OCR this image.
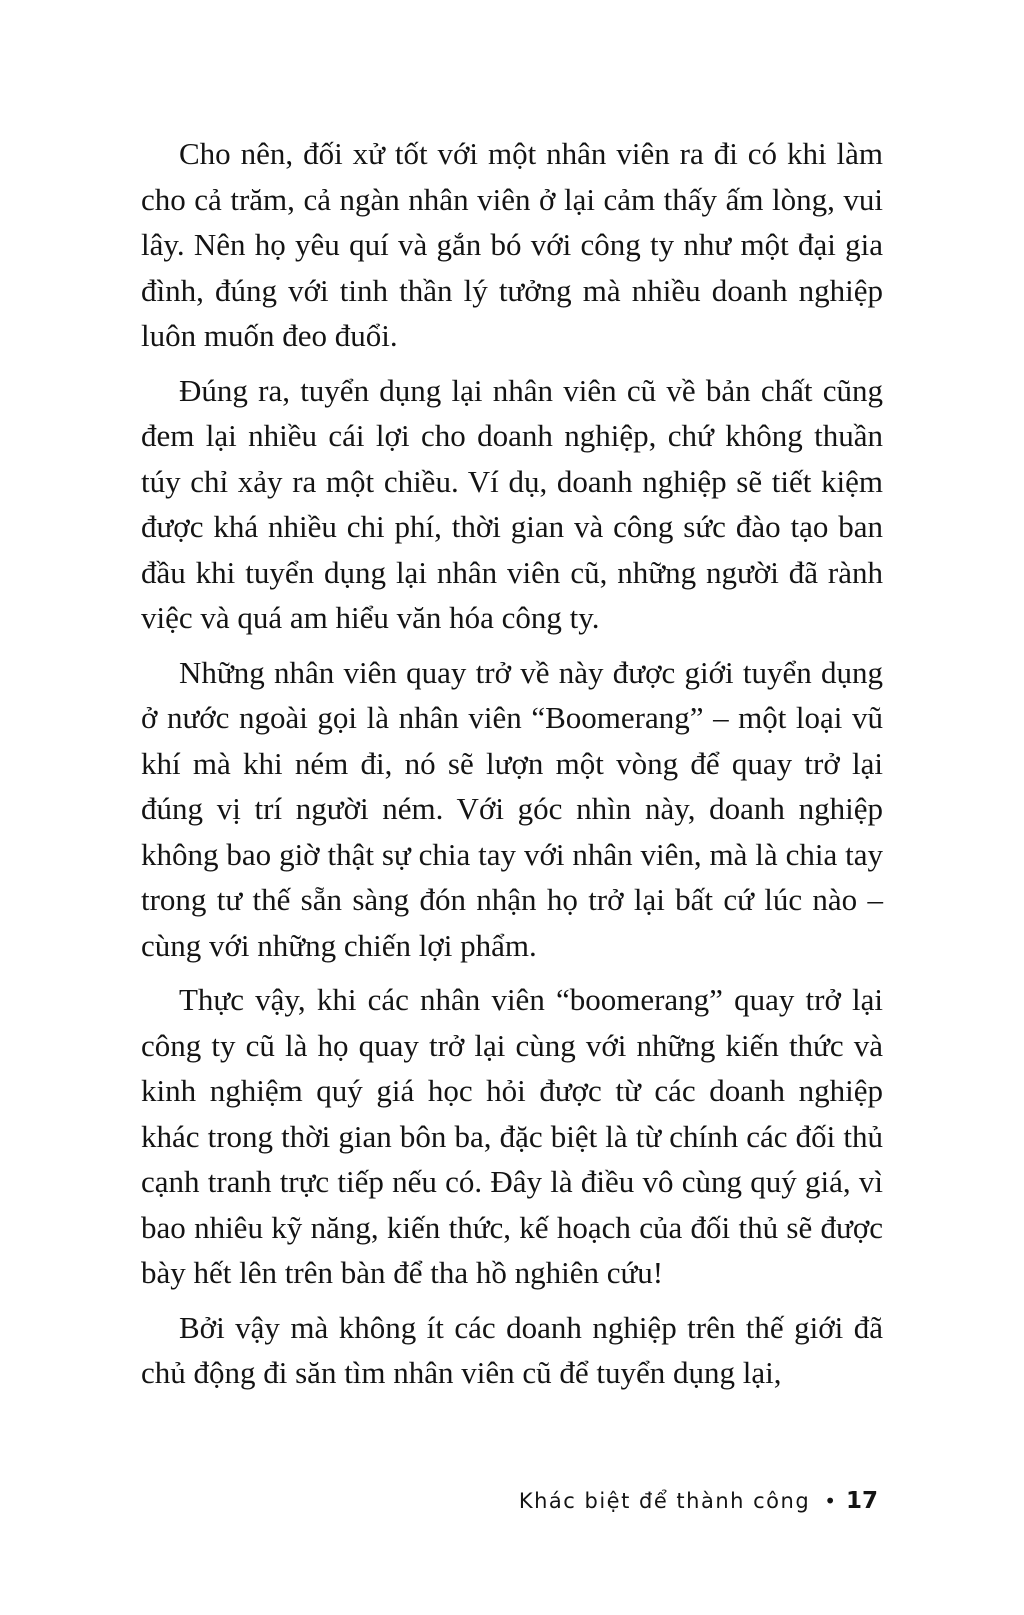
Cho nên, đối xử tốt với một nhân viên ra đi có khi làm cho cả trăm, cả ngàn nhân viên ở lại cảm thấy ấm lòng, vui lây. Nên họ yêu quí và gắn bó với công ty như một đại gia đình, đúng với tinh thần lý tưởng mà nhiều doanh nghiệp luôn muốn đeo đuổi.

Đúng ra, tuyển dụng lại nhân viên cũ về bản chất cũng đem lại nhiều cái lợi cho doanh nghiệp, chứ không thuần túy chỉ xảy ra một chiều. Ví dụ, doanh nghiệp sẽ tiết kiệm được khá nhiều chi phí, thời gian và công sức đào tạo ban đầu khi tuyển dụng lại nhân viên cũ, những người đã rành việc và quá am hiểu văn hóa công ty.

Những nhân viên quay trở về này được giới tuyển dụng ở nước ngoài gọi là nhân viên “Boomerang” – một loại vũ khí mà khi ném đi, nó sẽ lượn một vòng để quay trở lại đúng vị trí người ném. Với góc nhìn này, doanh nghiệp không bao giờ thật sự chia tay với nhân viên, mà là chia tay trong tư thế sẵn sàng đón nhận họ trở lại bất cứ lúc nào – cùng với những chiến lợi phẩm.

Thực vậy, khi các nhân viên “boomerang” quay trở lại công ty cũ là họ quay trở lại cùng với những kiến thức và kinh nghiệm quý giá học hỏi được từ các doanh nghiệp khác trong thời gian bôn ba, đặc biệt là từ chính các đối thủ cạnh tranh trực tiếp nếu có. Đây là điều vô cùng quý giá, vì bao nhiêu kỹ năng, kiến thức, kế hoạch của đối thủ sẽ được bày hết lên trên bàn để tha hồ nghiên cứu!

Bởi vậy mà không ít các doanh nghiệp trên thế giới đã chủ động đi săn tìm nhân viên cũ để tuyển dụng lại,

Khác biệt để thành công • 17
